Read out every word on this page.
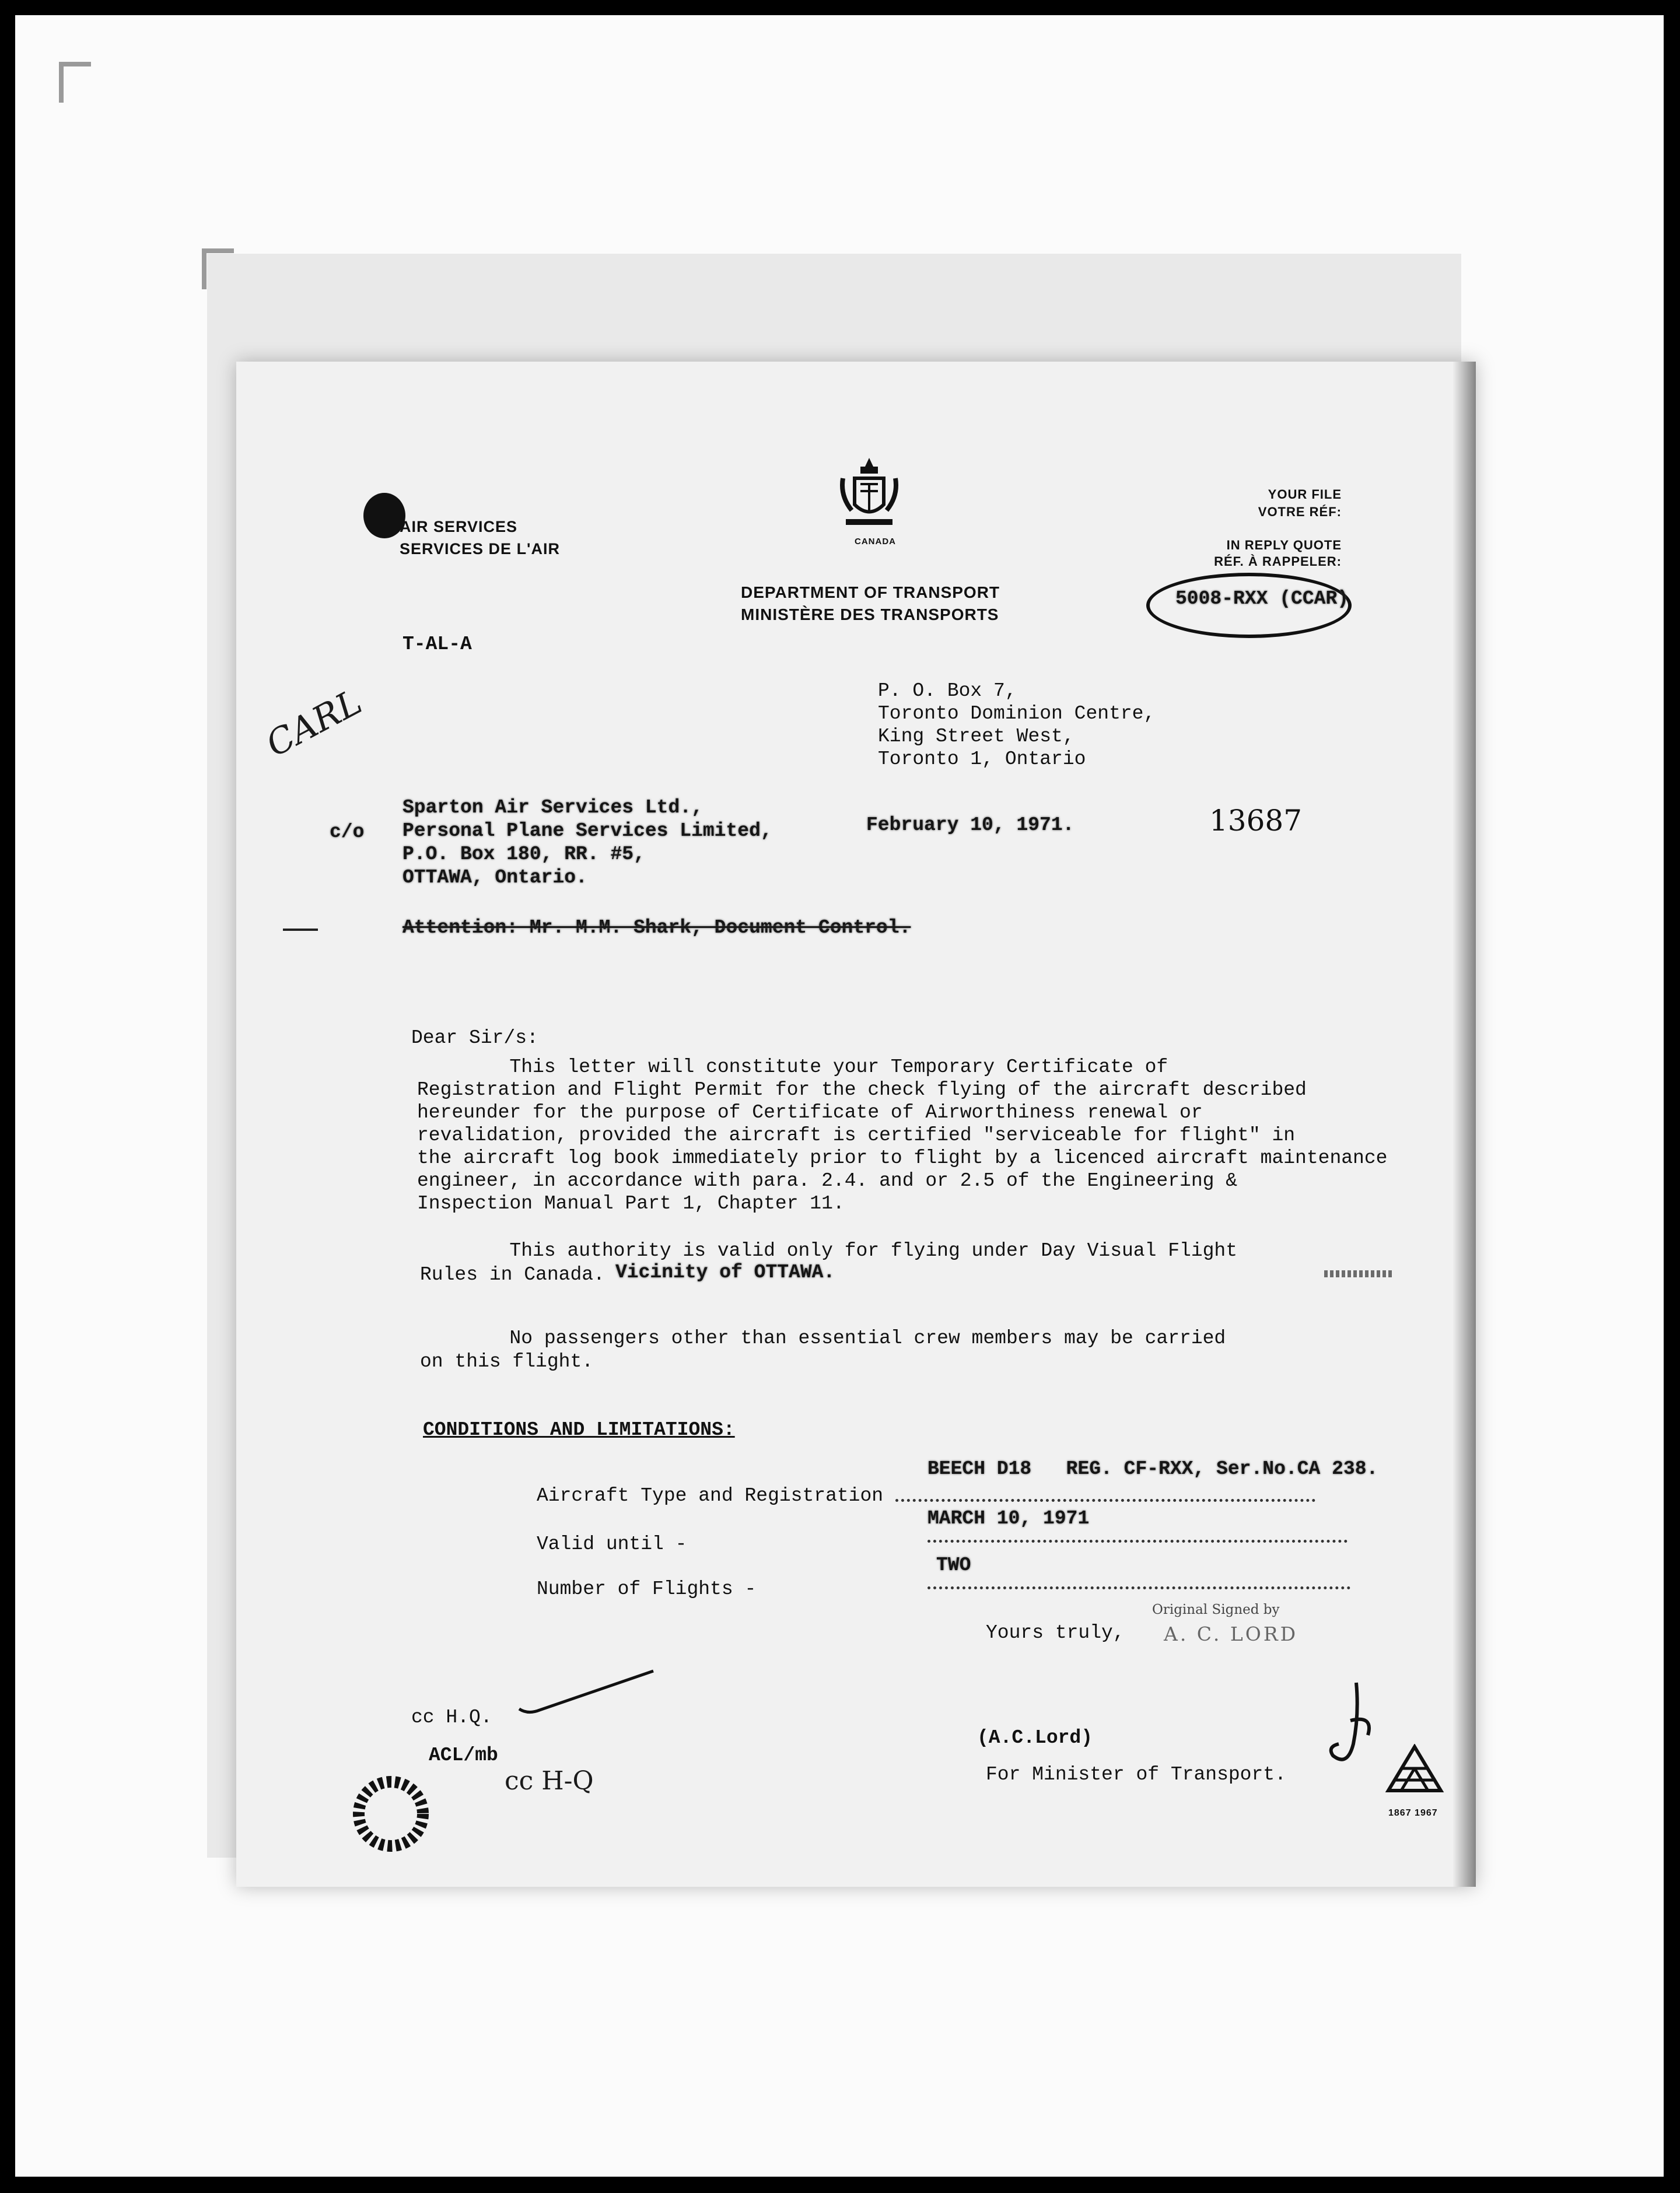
AIR SERVICES
SERVICES DE L'AIR	CANADA
DEPARTMENT OF TRANSPORT
MINISTÈRE DES TRANSPORTS
YOUR FILE
VOTRE RÉF:
IN REPLY QUOTE
RÉF. À RAPPELER:
5008-RXX (CCAR)
T-AL-A
P. O. Box 7,
Toronto Dominion Centre,
King Street West,
Toronto 1, Ontario
CARL
c/o
Sparton Air Services Ltd.,
Personal Plane Services Limited,
P.O. Box 180, RR. #5,
OTTAWA, Ontario.
February 10, 1971.	13687
Attention: Mr. M.M. Shark, Document Control.
Dear Sir/s:

This letter will constitute your Temporary Certificate of

Registration and Flight Permit for the check flying of the aircraft described

hereunder for the purpose of Certificate of Airworthiness renewal or

revalidation, provided the aircraft is certified "serviceable for flight" in

the aircraft log book immediately prior to flight by a licenced aircraft maintenance

engineer, in accordance with para. 2.4. and or 2.5 of the Engineering &

Inspection Manual Part 1, Chapter 11.

This authority is valid only for flying under Day Visual Flight
Rules in Canada. Vicinity of OTTAWA.
No passengers other than essential crew members may be carried
on this flight.
CONDITIONS AND LIMITATIONS:
BEECH D18   REG. CF-RXX, Ser.No.CA 238.
Aircraft Type and Registration
MARCH 10, 1971
Valid until -
TWO
Number of Flights -
Yours truly,
Original Signed by
A. C. LORD
cc H.Q.
ACL/mb
cc H-Q
(A.C.Lord)
For Minister of Transport.
1867 1967
